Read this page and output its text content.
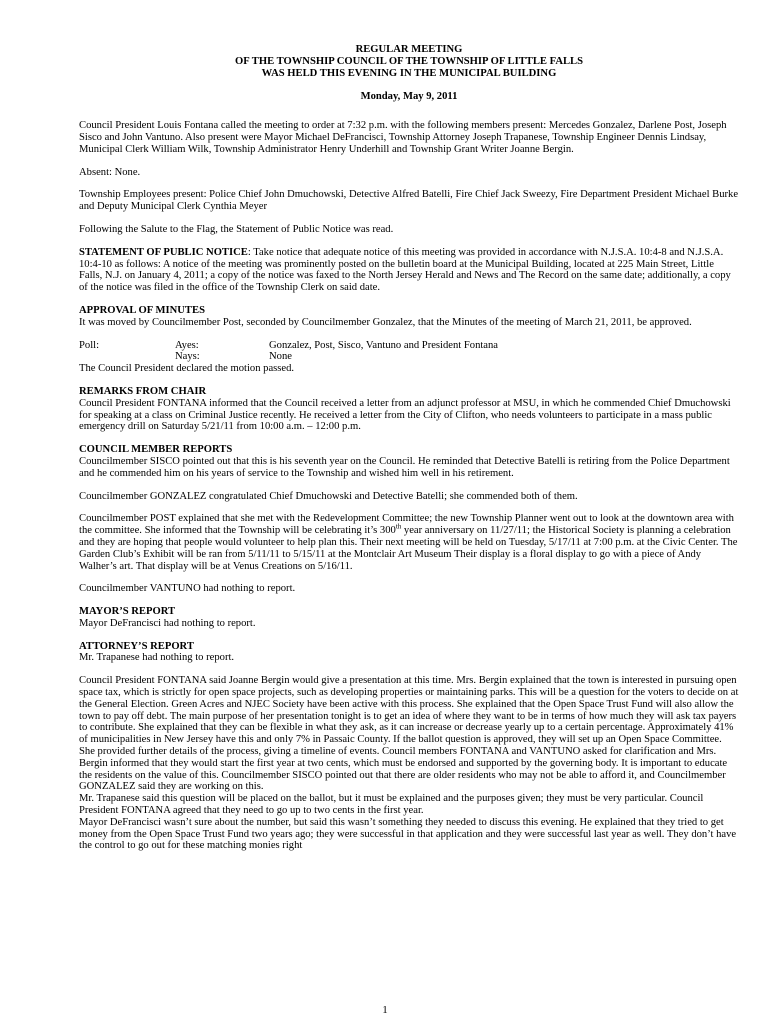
REGULAR MEETING
OF THE TOWNSHIP COUNCIL OF THE TOWNSHIP OF LITTLE FALLS
WAS HELD THIS EVENING IN THE MUNICIPAL BUILDING
Monday, May 9, 2011

Council President Louis Fontana called the meeting to order at 7:32 p.m. with the following members present: Mercedes Gonzalez, Darlene Post, Joseph Sisco and John Vantuno. Also present were Mayor Michael DeFrancisci, Township Attorney Joseph Trapanese, Township Engineer Dennis Lindsay, Municipal Clerk William Wilk, Township Administrator Henry Underhill and Township Grant Writer Joanne Bergin.

Absent: None.

Township Employees present: Police Chief John Dmuchowski, Detective Alfred Batelli, Fire Chief Jack Sweezy, Fire Department President Michael Burke and Deputy Municipal Clerk Cynthia Meyer

Following the Salute to the Flag, the Statement of Public Notice was read.

STATEMENT OF PUBLIC NOTICE: Take notice that adequate notice of this meeting was provided in accordance with N.J.S.A. 10:4-8 and N.J.S.A. 10:4-10 as follows: A notice of the meeting was prominently posted on the bulletin board at the Municipal Building, located at 225 Main Street, Little Falls, N.J. on January 4, 2011; a copy of the notice was faxed to the North Jersey Herald and News and The Record on the same date; additionally, a copy of the notice was filed in the office of the Township Clerk on said date.

APPROVAL OF MINUTES

It was moved by Councilmember Post, seconded by Councilmember Gonzalez, that the Minutes of the meeting of March 21, 2011, be approved.

Poll:	Ayes:	Gonzalez, Post, Sisco, Vantuno and President Fontana
Nays:	None

The Council President declared the motion passed.

REMARKS FROM CHAIR

Council President FONTANA informed that the Council received a letter from an adjunct professor at MSU, in which he commended Chief Dmuchowski for speaking at a class on Criminal Justice recently. He received a letter from the City of Clifton, who needs volunteers to participate in a mass public emergency drill on Saturday 5/21/11 from 10:00 a.m. – 12:00 p.m.

COUNCIL MEMBER REPORTS

Councilmember SISCO pointed out that this is his seventh year on the Council. He reminded that Detective Batelli is retiring from the Police Department and he commended him on his years of service to the Township and wished him well in his retirement.

Councilmember GONZALEZ congratulated Chief Dmuchowski and Detective Batelli; she commended both of them.

Councilmember POST explained that she met with the Redevelopment Committee; the new Township Planner went out to look at the downtown area with the committee. She informed that the Township will be celebrating it’s 300th year anniversary on 11/27/11; the Historical Society is planning a celebration and they are hoping that people would volunteer to help plan this. Their next meeting will be held on Tuesday, 5/17/11 at 7:00 p.m. at the Civic Center. The Garden Club’s Exhibit will be ran from 5/11/11 to 5/15/11 at the Montclair Art Museum Their display is a floral display to go with a piece of Andy Walher’s art. That display will be at Venus Creations on 5/16/11.

Councilmember VANTUNO had nothing to report.

MAYOR’S REPORT

Mayor DeFrancisci had nothing to report.

ATTORNEY’S REPORT

Mr. Trapanese had nothing to report.

Council President FONTANA said Joanne Bergin would give a presentation at this time. Mrs. Bergin explained that the town is interested in pursuing open space tax, which is strictly for open space projects, such as developing properties or maintaining parks. This will be a question for the voters to decide on at the General Election. Green Acres and NJEC Society have been active with this process. She explained that the Open Space Trust Fund will also allow the town to pay off debt. The main purpose of her presentation tonight is to get an idea of where they want to be in terms of how much they will ask tax payers to contribute. She explained that they can be flexible in what they ask, as it can increase or decrease yearly up to a certain percentage. Approximately 41% of municipalities in New Jersey have this and only 7% in Passaic County. If the ballot question is approved, they will set up an Open Space Committee. She provided further details of the process, giving a timeline of events. Council members FONTANA and VANTUNO asked for clarification and Mrs. Bergin informed that they would start the first year at two cents, which must be endorsed and supported by the governing body. It is important to educate the residents on the value of this. Councilmember SISCO pointed out that there are older residents who may not be able to afford it, and Councilmember GONZALEZ said they are working on this.

Mr. Trapanese said this question will be placed on the ballot, but it must be explained and the purposes given; they must be very particular. Council President FONTANA agreed that they need to go up to two cents in the first year.

Mayor DeFrancisci wasn’t sure about the number, but said this wasn’t something they needed to discuss this evening. He explained that they tried to get money from the Open Space Trust Fund two years ago; they were successful in that application and they were successful last year as well. They don’t have the control to go out for these matching monies right

1
